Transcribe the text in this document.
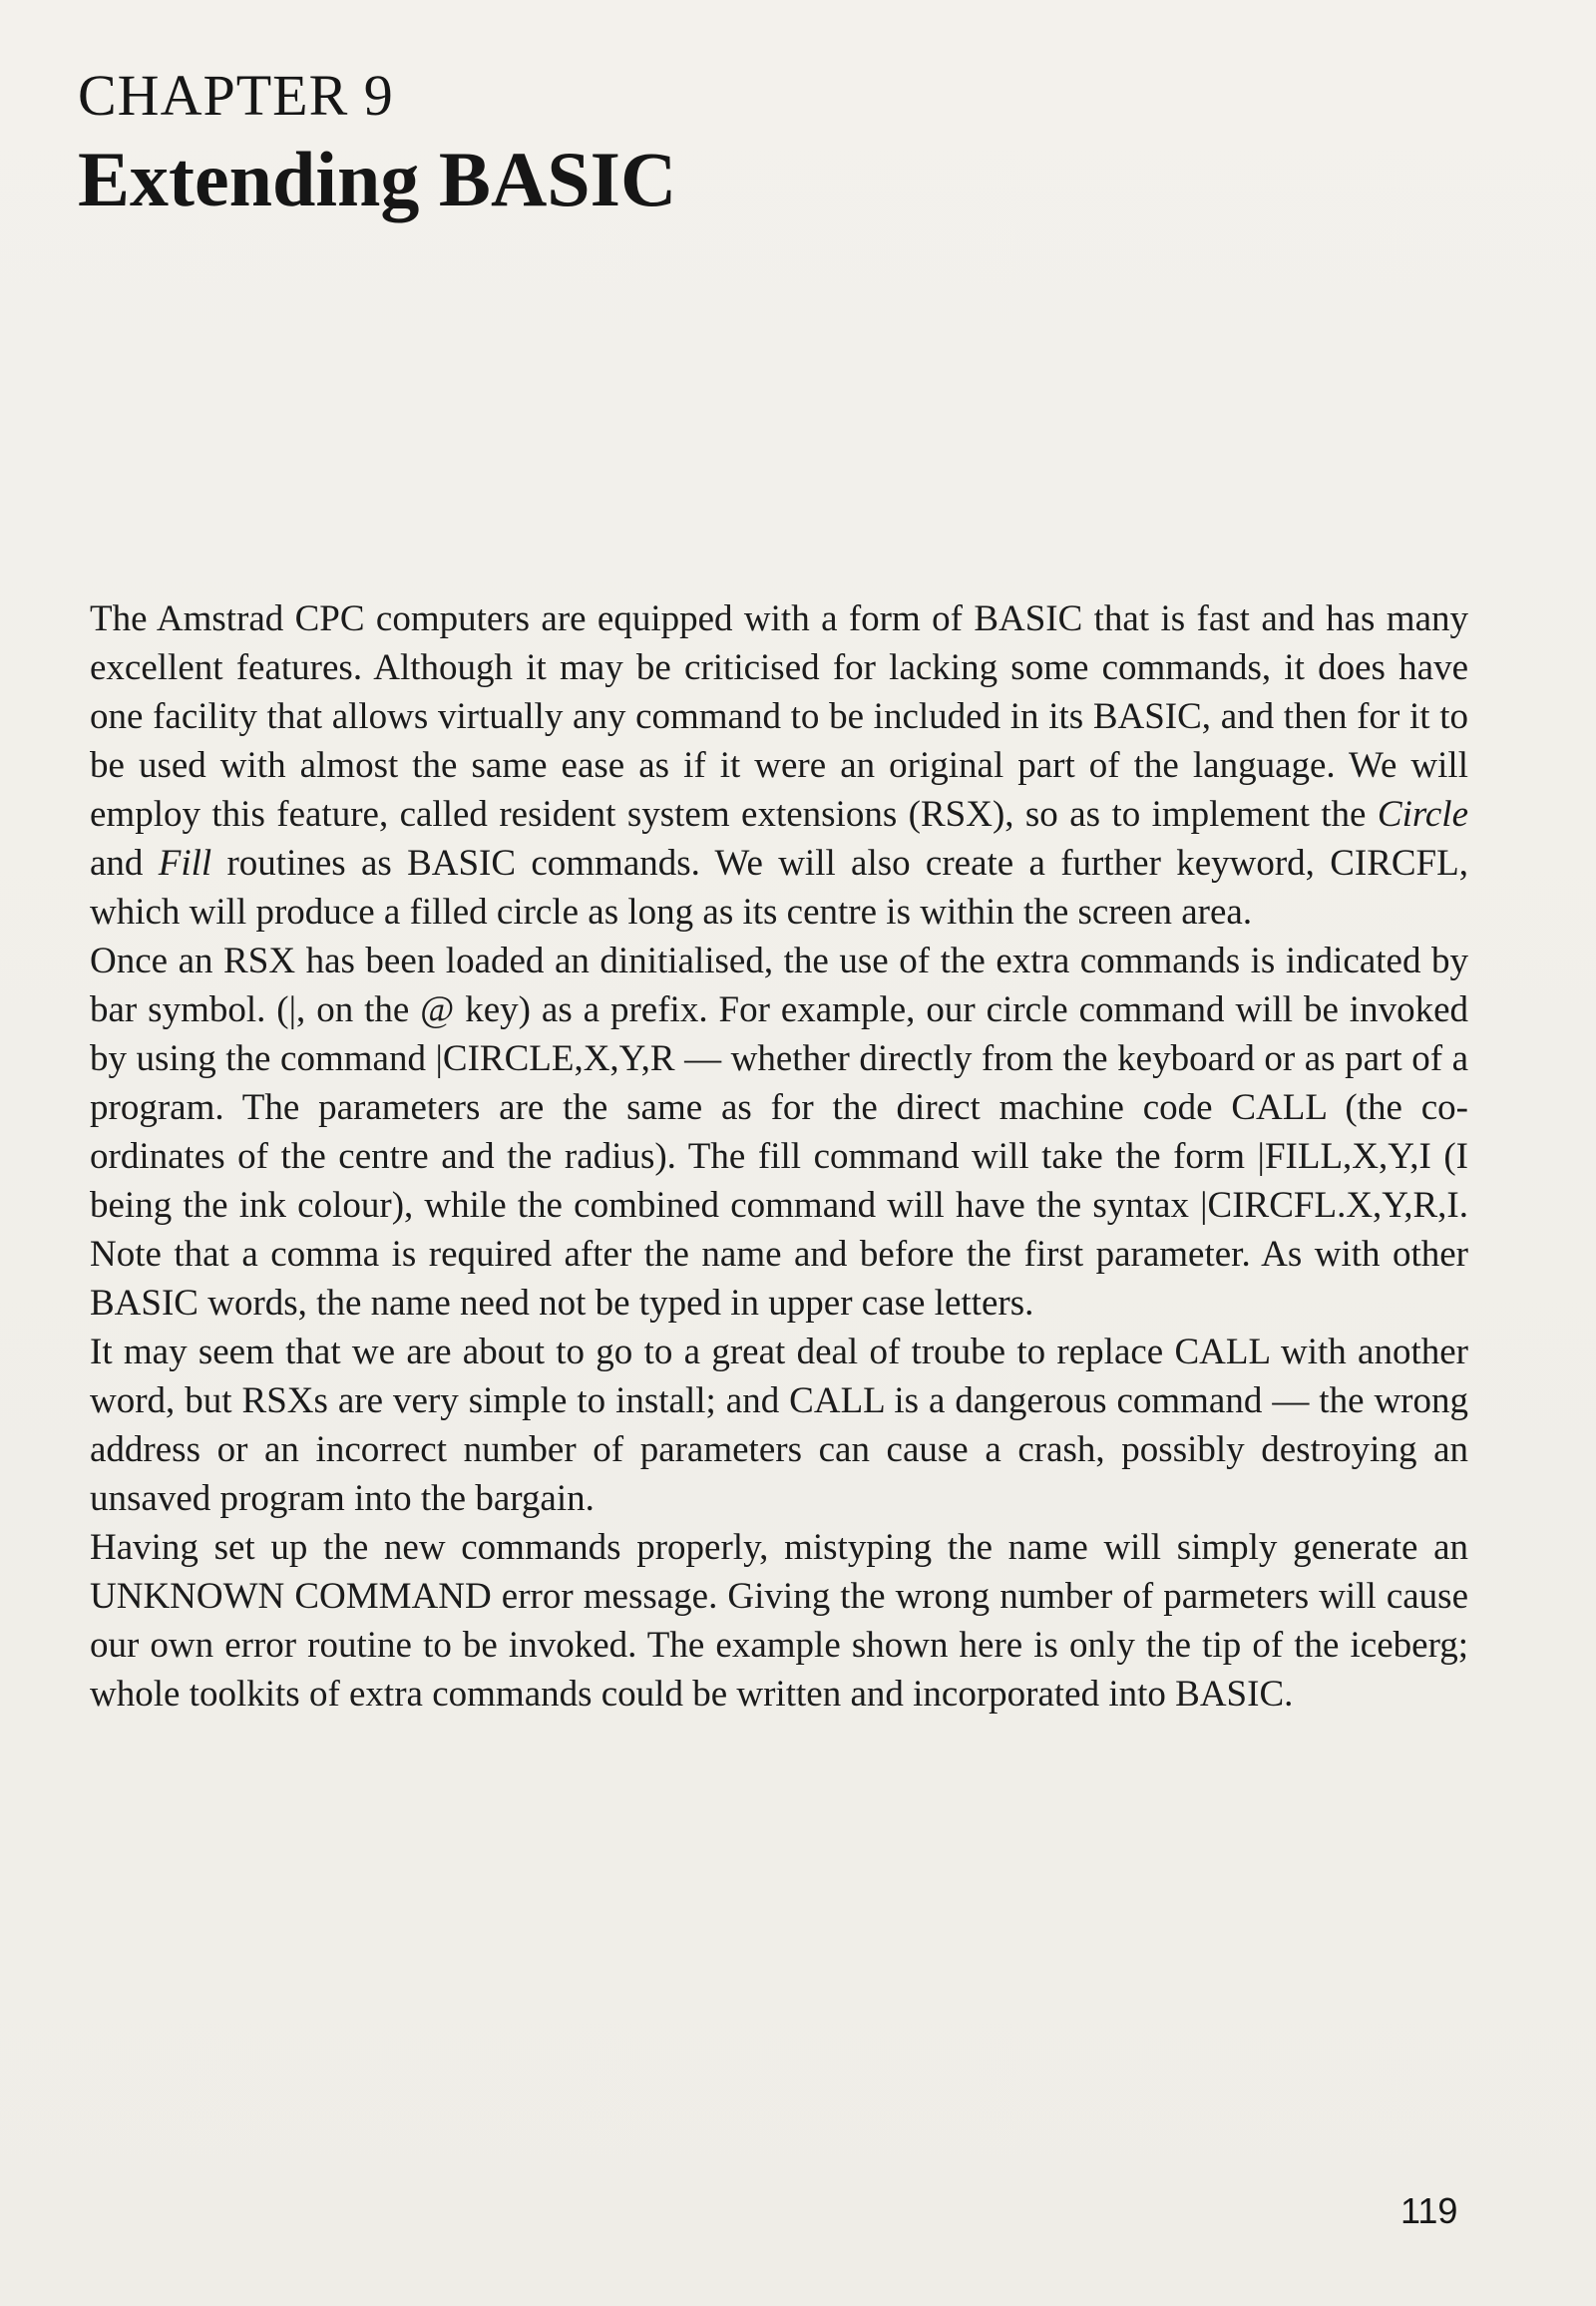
CHAPTER 9
Extending BASIC

The Amstrad CPC computers are equipped with a form of BASIC that is fast and has many excellent features. Although it may be criticised for lacking some commands, it does have one facility that allows virtually any command to be included in its BASIC, and then for it to be used with almost the same ease as if it were an original part of the language. We will employ this feature, called resident system extensions (RSX), so as to implement the Circle and Fill routines as BASIC commands. We will also create a further keyword, CIRCFL, which will produce a filled circle as long as its centre is within the screen area.

Once an RSX has been loaded an dinitialised, the use of the extra commands is indicated by bar symbol. (|, on the @ key) as a prefix. For example, our circle command will be invoked by using the command |CIRCLE,X,Y,R — whether directly from the keyboard or as part of a program. The parameters are the same as for the direct machine code CALL (the co-ordinates of the centre and the radius). The fill command will take the form |FILL,X,Y,I (I being the ink colour), while the combined command will have the syntax |CIRCFL.X,Y,R,I. Note that a comma is required after the name and before the first parameter. As with other BASIC words, the name need not be typed in upper case letters.

It may seem that we are about to go to a great deal of troube to replace CALL with another word, but RSXs are very simple to install; and CALL is a dangerous command — the wrong address or an incorrect number of parameters can cause a crash, possibly destroying an unsaved program into the bargain.

Having set up the new commands properly, mistyping the name will simply generate an UNKNOWN COMMAND error message. Giving the wrong number of parmeters will cause our own error routine to be invoked. The example shown here is only the tip of the iceberg; whole toolkits of extra commands could be written and incorporated into BASIC.

119
